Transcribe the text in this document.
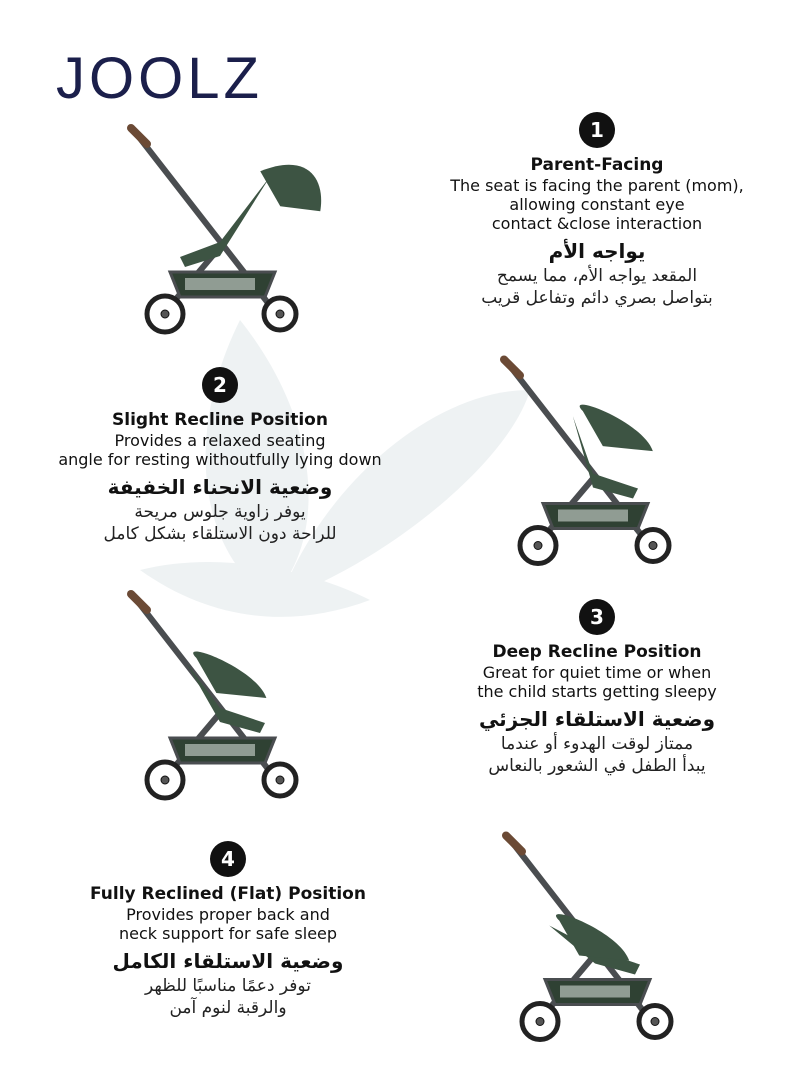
JOOLZ
1
Parent-Facing
The seat is facing the parent (mom),
allowing constant eye
contact &close interaction
يواجه الأم
المقعد يواجه الأم، مما يسمح
بتواصل بصري دائم وتفاعل قريب
2
Slight Recline Position
Provides a relaxed seating
angle for resting withoutfully lying down
وضعية الانحناء الخفيفة
يوفر زاوية جلوس مريحة
للراحة دون الاستلقاء بشكل كامل
3
Deep Recline Position
Great for quiet time or when
the child starts getting sleepy
وضعية الاستلقاء الجزئي
ممتاز لوقت الهدوء أو عندما
يبدأ الطفل في الشعور بالنعاس
4
Fully Reclined (Flat) Position
Provides proper back and
neck support for safe sleep
وضعية الاستلقاء الكامل
توفر دعمًا مناسبًا للظهر
والرقبة لنوم آمن
